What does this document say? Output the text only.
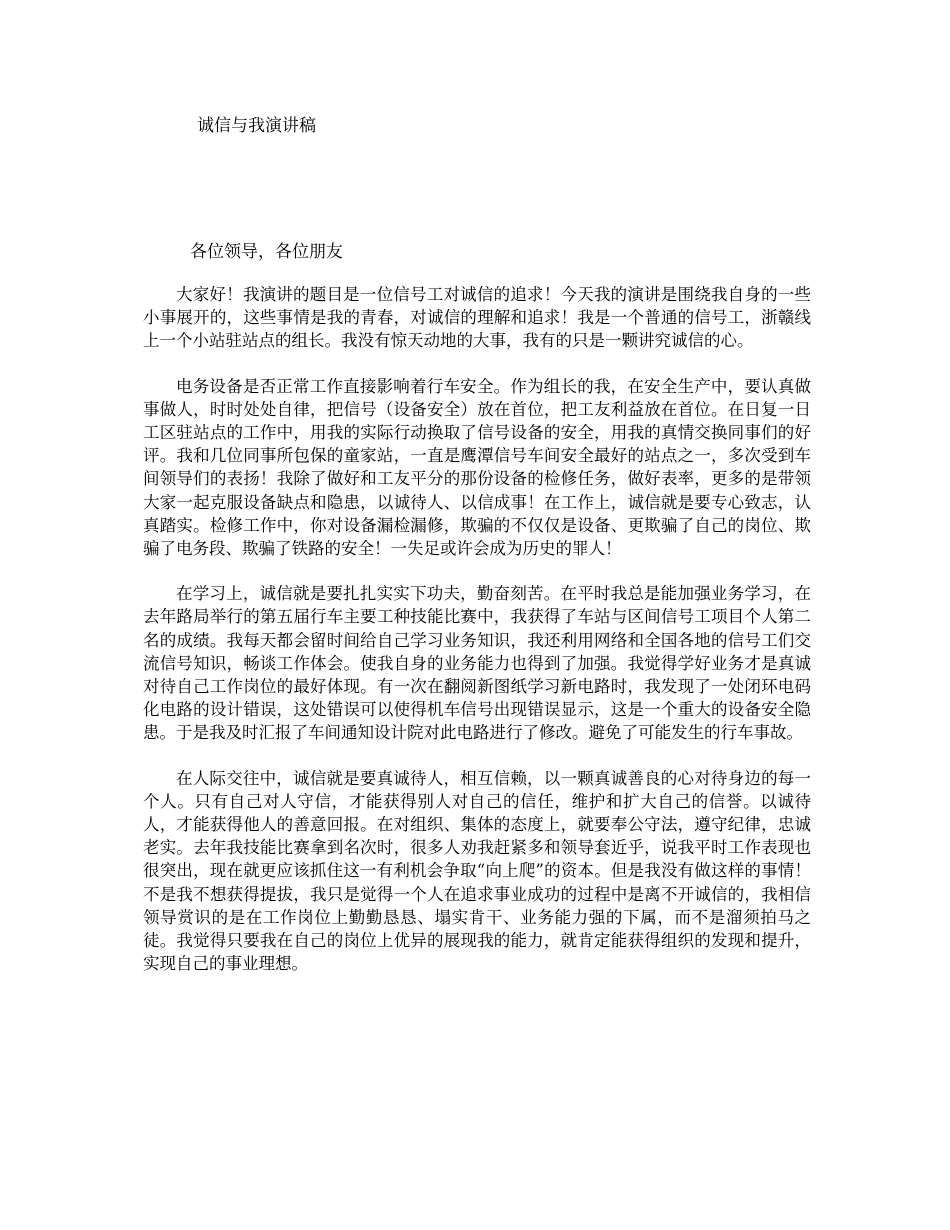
诚信与我演讲稿
各位领导，各位朋友

大家好！我演讲的题目是一位信号工对诚信的追求！今天我的演讲是围绕我自身的一些小事展开的，这些事情是我的青春，对诚信的理解和追求！我是一个普通的信号工，浙赣线上一个小站驻站点的组长。我没有惊天动地的大事，我有的只是一颗讲究诚信的心。

电务设备是否正常工作直接影响着行车安全。作为组长的我，在安全生产中，要认真做事做人，时时处处自律，把信号（设备安全）放在首位，把工友利益放在首位。在日复一日工区驻站点的工作中，用我的实际行动换取了信号设备的安全，用我的真情交换同事们的好评。我和几位同事所包保的童家站，一直是鹰潭信号车间安全最好的站点之一，多次受到车间领导们的表扬！我除了做好和工友平分的那份设备的检修任务，做好表率，更多的是带领大家一起克服设备缺点和隐患，以诚待人、以信成事！在工作上，诚信就是要专心致志，认真踏实。检修工作中，你对设备漏检漏修，欺骗的不仅仅是设备、更欺骗了自己的岗位、欺骗了电务段、欺骗了铁路的安全！一失足或许会成为历史的罪人！

在学习上，诚信就是要扎扎实实下功夫，勤奋刻苦。在平时我总是能加强业务学习，在去年路局举行的第五届行车主要工种技能比赛中，我获得了车站与区间信号工项目个人第二名的成绩。我每天都会留时间给自己学习业务知识，我还利用网络和全国各地的信号工们交流信号知识，畅谈工作体会。使我自身的业务能力也得到了加强。我觉得学好业务才是真诚对待自己工作岗位的最好体现。有一次在翻阅新图纸学习新电路时，我发现了一处闭环电码化电路的设计错误，这处错误可以使得机车信号出现错误显示，这是一个重大的设备安全隐患。于是我及时汇报了车间通知设计院对此电路进行了修改。避免了可能发生的行车事故。

在人际交往中，诚信就是要真诚待人，相互信赖，以一颗真诚善良的心对待身边的每一个人。只有自己对人守信，才能获得别人对自己的信任，维护和扩大自己的信誉。以诚待人，才能获得他人的善意回报。在对组织、集体的态度上，就要奉公守法，遵守纪律，忠诚老实。去年我技能比赛拿到名次时，很多人劝我赶紧多和领导套近乎，说我平时工作表现也很突出，现在就更应该抓住这一有利机会争取“向上爬”的资本。但是我没有做这样的事情！不是我不想获得提拔，我只是觉得一个人在追求事业成功的过程中是离不开诚信的，我相信领导赏识的是在工作岗位上勤勤恳恳、塌实肯干、业务能力强的下属，而不是溜须拍马之徒。我觉得只要我在自己的岗位上优异的展现我的能力，就肯定能获得组织的发现和提升，实现自己的事业理想。
